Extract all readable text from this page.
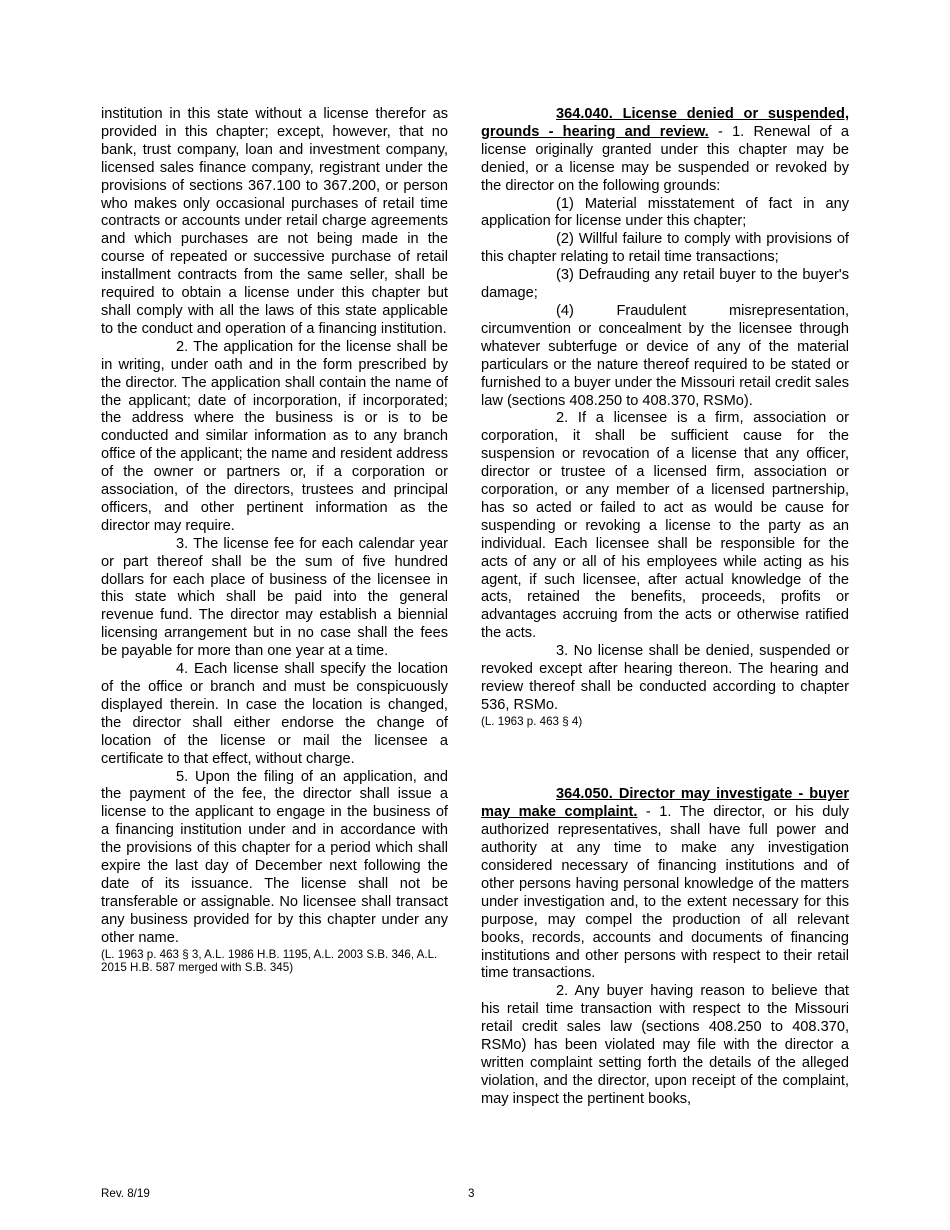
institution in this state without a license therefor as provided in this chapter; except, however, that no bank, trust company, loan and investment company, licensed sales finance company, registrant under the provisions of sections 367.100 to 367.200, or person who makes only occasional purchases of retail time contracts or accounts under retail charge agreements and which purchases are not being made in the course of repeated or successive purchase of retail installment contracts from the same seller, shall be required to obtain a license under this chapter but shall comply with all the laws of this state applicable to the conduct and operation of a financing institution.

2. The application for the license shall be in writing, under oath and in the form prescribed by the director. The application shall contain the name of the applicant; date of incorporation, if incorporated; the address where the business is or is to be conducted and similar information as to any branch office of the applicant; the name and resident address of the owner or partners or, if a corporation or association, of the directors, trustees and principal officers, and other pertinent information as the director may require.

3. The license fee for each calendar year or part thereof shall be the sum of five hundred dollars for each place of business of the licensee in this state which shall be paid into the general revenue fund. The director may establish a biennial licensing arrangement but in no case shall the fees be payable for more than one year at a time.

4. Each license shall specify the location of the office or branch and must be conspicuously displayed therein. In case the location is changed, the director shall either endorse the change of location of the license or mail the licensee a certificate to that effect, without charge.

5. Upon the filing of an application, and the payment of the fee, the director shall issue a license to the applicant to engage in the business of a financing institution under and in accordance with the provisions of this chapter for a period which shall expire the last day of December next following the date of its issuance. The license shall not be transferable or assignable. No licensee shall transact any business provided for by this chapter under any other name.

(L. 1963 p. 463 § 3, A.L. 1986 H.B. 1195, A.L. 2003 S.B. 346, A.L. 2015 H.B. 587 merged with S.B. 345)

364.040. License denied or suspended, grounds - hearing and review. - 1. Renewal of a license originally granted under this chapter may be denied, or a license may be suspended or revoked by the director on the following grounds:

(1) Material misstatement of fact in any application for license under this chapter;

(2) Willful failure to comply with provisions of this chapter relating to retail time transactions;

(3) Defrauding any retail buyer to the buyer's damage;

(4) Fraudulent misrepresentation, circumvention or concealment by the licensee through whatever subterfuge or device of any of the material particulars or the nature thereof required to be stated or furnished to a buyer under the Missouri retail credit sales law (sections 408.250 to 408.370, RSMo).

2. If a licensee is a firm, association or corporation, it shall be sufficient cause for the suspension or revocation of a license that any officer, director or trustee of a licensed firm, association or corporation, or any member of a licensed partnership, has so acted or failed to act as would be cause for suspending or revoking a license to the party as an individual. Each licensee shall be responsible for the acts of any or all of his employees while acting as his agent, if such licensee, after actual knowledge of the acts, retained the benefits, proceeds, profits or advantages accruing from the acts or otherwise ratified the acts.

3. No license shall be denied, suspended or revoked except after hearing thereon. The hearing and review thereof shall be conducted according to chapter 536, RSMo.

(L. 1963 p. 463 § 4)

364.050. Director may investigate - buyer may make complaint. - 1. The director, or his duly authorized representatives, shall have full power and authority at any time to make any investigation considered necessary of financing institutions and of other persons having personal knowledge of the matters under investigation and, to the extent necessary for this purpose, may compel the production of all relevant books, records, accounts and documents of financing institutions and other persons with respect to their retail time transactions.

2. Any buyer having reason to believe that his retail time transaction with respect to the Missouri retail credit sales law (sections 408.250 to 408.370, RSMo) has been violated may file with the director a written complaint setting forth the details of the alleged violation, and the director, upon receipt of the complaint, may inspect the pertinent books,

Rev. 8/19	3
